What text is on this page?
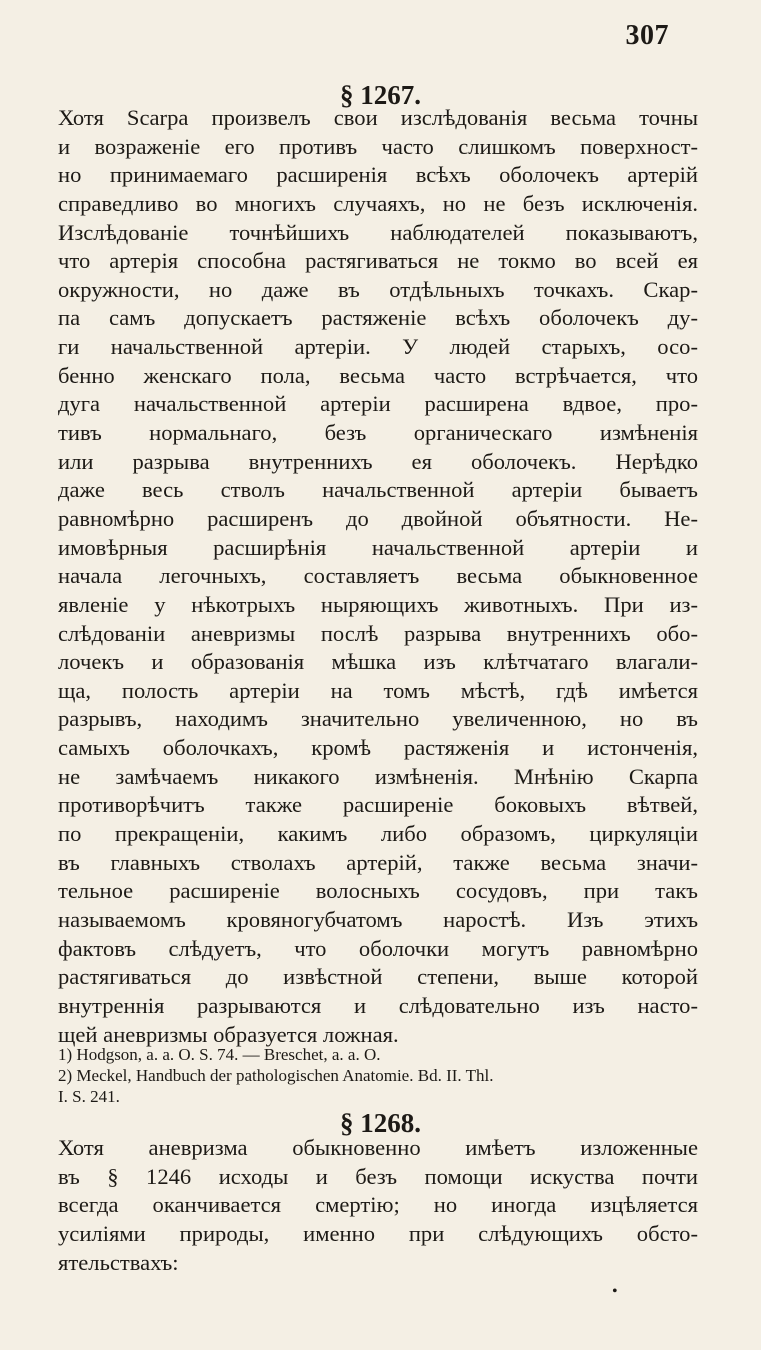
307
§ 1267.
Хотя Scarpa произвелъ свои изслѣдованія весьма точны
и возраженіе его противъ часто слишкомъ поверхност-
но принимаемаго расширенія всѣхъ оболочекъ артерій
справедливо во многихъ случаяхъ, но не безъ исключенія.
Изслѣдованіе точнѣйшихъ наблюдателей показываютъ,
что артерія способна растягиваться не токмо во всей ея
окружности, но даже въ отдѣльныхъ точкахъ. Скар-
па самъ допускаетъ растяженіе всѣхъ оболочекъ ду-
ги начальственной артеріи. У людей старыхъ, осо-
бенно женскаго пола, весьма часто встрѣчается, что
дуга начальственной артеріи расширена вдвое, про-
тивъ нормальнаго, безъ органическаго измѣненія
или разрыва внутреннихъ ея оболочекъ. Нерѣдко
даже весь стволъ начальственной артеріи бываетъ
равномѣрно расширенъ до двойной объятности. Не-
имовѣрныя расширѣнія начальственной артеріи и
начала легочныхъ, составляетъ весьма обыкновенное
явленіе у нѣкотрыхъ ныряющихъ животныхъ. При из-
слѣдованіи аневризмы послѣ разрыва внутреннихъ обо-
лочекъ и образованія мѣшка изъ клѣтчатаго влагали-
ща, полость артеріи на томъ мѣстѣ, гдѣ имѣется
разрывъ, находимъ значительно увеличенною, но въ
самыхъ оболочкахъ, кромѣ растяженія и истонченія,
не замѣчаемъ никакого измѣненія. Мнѣнію Скарпа
противорѣчитъ также расширеніе боковыхъ вѣтвей,
по прекращеніи, какимъ либо образомъ, циркуляціи
въ главныхъ стволахъ артерій, также весьма значи-
тельное расширеніе волосныхъ сосудовъ, при такъ
называемомъ кровяногубчатомъ наростѣ. Изъ этихъ
фактовъ слѣдуетъ, что оболочки могутъ равномѣрно
растягиваться до извѣстной степени, выше которой
внутреннія разрываются и слѣдовательно изъ насто-
щей аневризмы образуется ложная.
1) Hodgson, a. a. O. S. 74. — Breschet, a. a. O.
2) Meckel, Handbuch der pathologischen Anatomie. Bd. II. Thl.
I. S. 241.
§ 1268.
Хотя аневризма обыкновенно имѣетъ изложенные
въ § 1246 исходы и безъ помощи искуства почти
всегда оканчивается смертію; но иногда изцѣляется
усиліями природы, именно при слѣдующихъ обсто-
ятельствахъ:
•
